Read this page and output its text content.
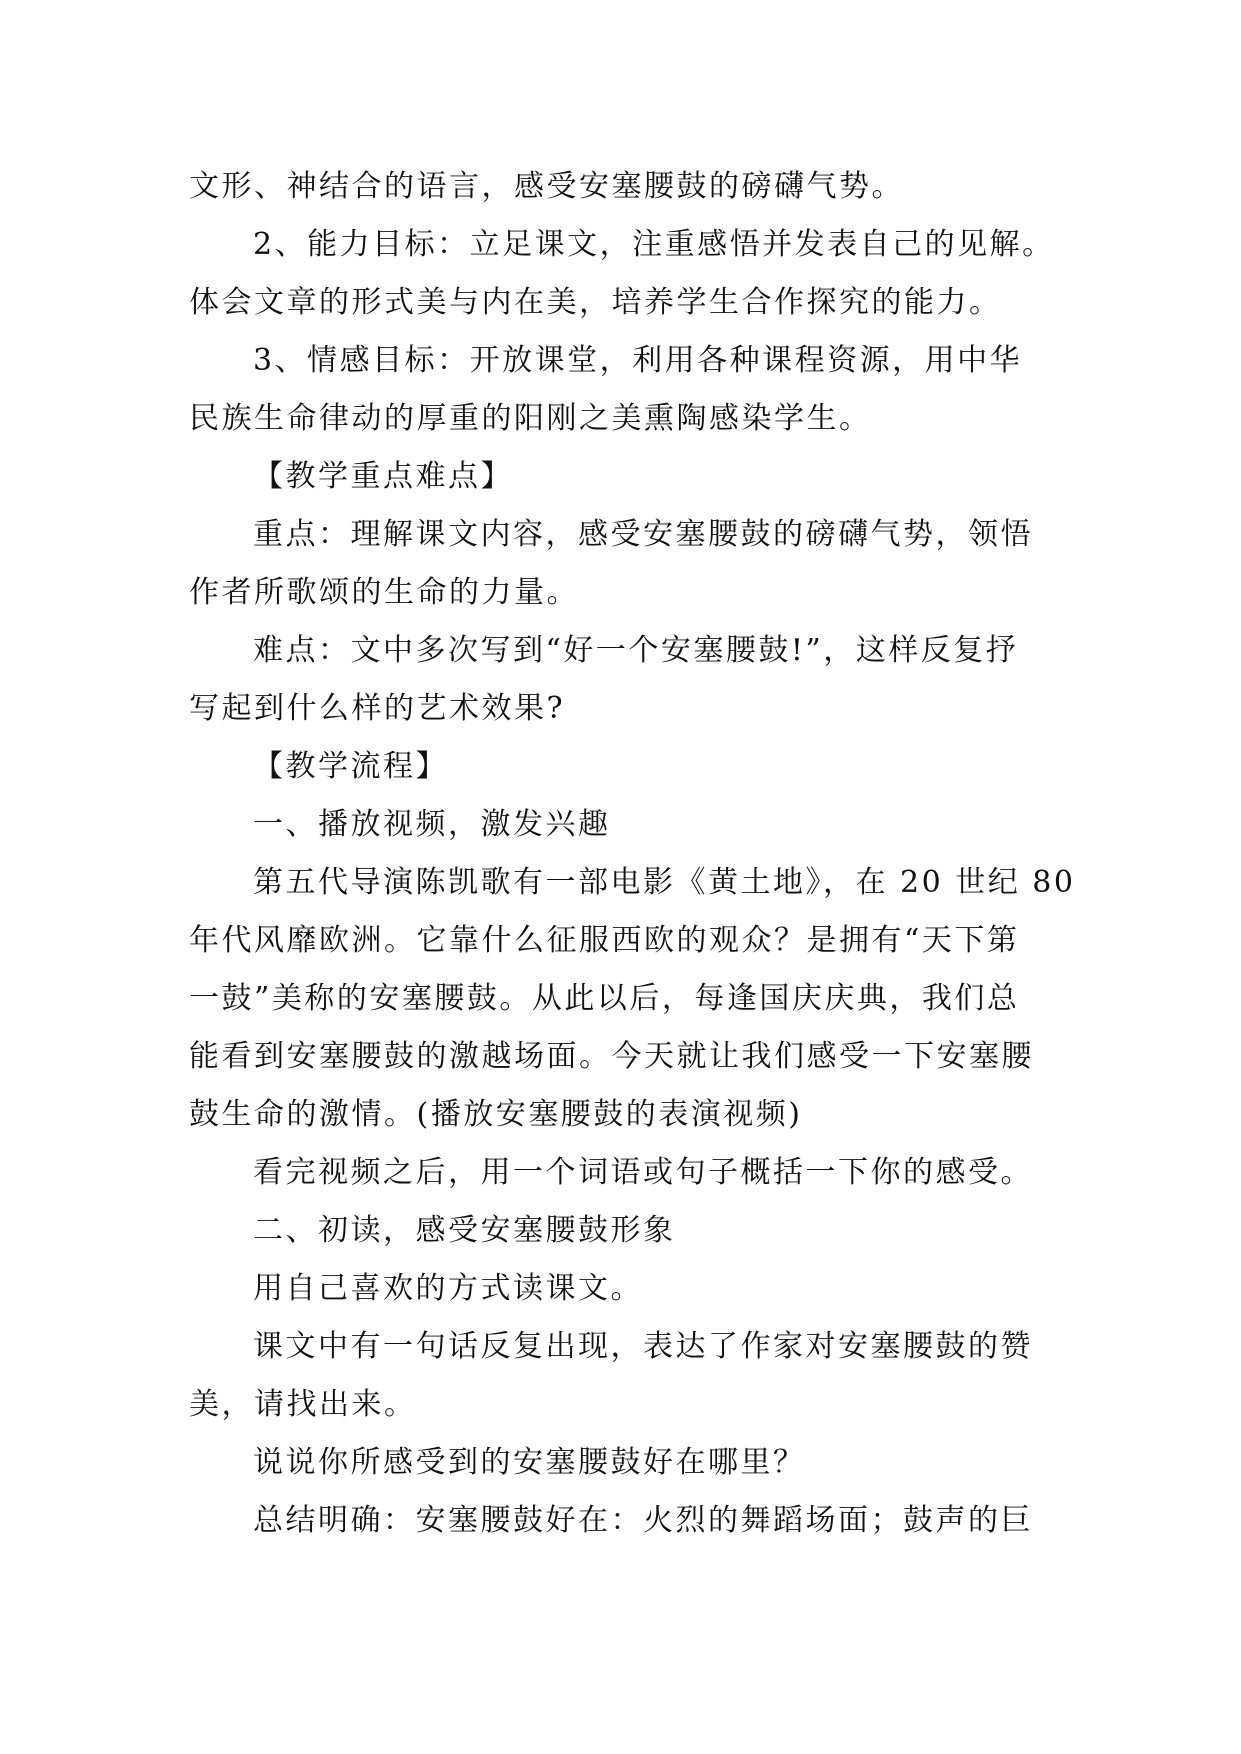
文形、神结合的语言，感受安塞腰鼓的磅礴气势。
2、能力目标：立足课文，注重感悟并发表自己的见解。
体会文章的形式美与内在美，培养学生合作探究的能力。
3、情感目标：开放课堂，利用各种课程资源，用中华
民族生命律动的厚重的阳刚之美熏陶感染学生。
【教学重点难点】
重点：理解课文内容，感受安塞腰鼓的磅礴气势，领悟
作者所歌颂的生命的力量。
难点：文中多次写到“好一个安塞腰鼓!”，这样反复抒
写起到什么样的艺术效果?
【教学流程】
一、播放视频，激发兴趣
第五代导演陈凯歌有一部电影《黄土地》，在 20 世纪 80
年代风靡欧洲。它靠什么征服西欧的观众？是拥有“天下第
一鼓”美称的安塞腰鼓。从此以后，每逢国庆庆典，我们总
能看到安塞腰鼓的激越场面。今天就让我们感受一下安塞腰
鼓生命的激情。(播放安塞腰鼓的表演视频)
看完视频之后，用一个词语或句子概括一下你的感受。
二、初读，感受安塞腰鼓形象
用自己喜欢的方式读课文。
课文中有一句话反复出现，表达了作家对安塞腰鼓的赞
美，请找出来。
说说你所感受到的安塞腰鼓好在哪里？
总结明确：安塞腰鼓好在：火烈的舞蹈场面；鼓声的巨
